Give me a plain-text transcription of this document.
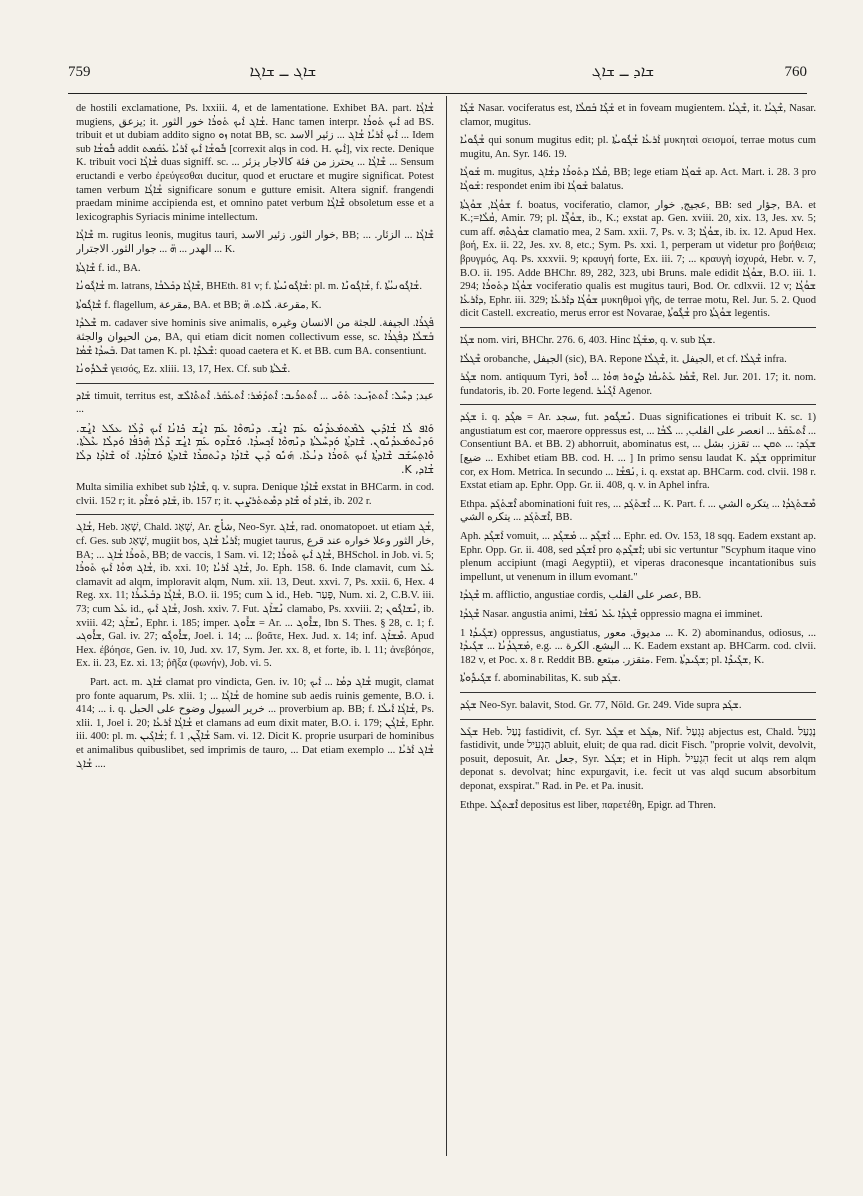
759	ܫܐܓ ــ ܫܐܓܐ	ܫܐܕ ــ ܫܐܓ	760

de hostili exclamatione, Ps. lxxiii. 4, et de lamentatione. Exhibet BA. part. ܫܳܐܓܳܐ mugiens, يزعق; it. ܫܳܐܓ ܐܰܝܟ ܬܰܘܪܳܐ خور الثور. Hanc tamen interpr. ܐܰܝܟ ܬܰܘܪܳܐ ad BS. tribuit et ut dubiam addito signo ܙܘ notat BB, sc. ܐܰܝܟ ܐܰܪܝܳܐ ܫܳܐܓ ... زئير الاسد ... Idem sub ܒܽܘܫܳܐ addit ܒܽܘܫܳܐ ܐܰܝܟ ܐܰܪܝܳܐ ܥܰܩܰܡܬ [correxit alqs in cod. H. ܐܰܝܟ], vix recte. Denique K. tribuit voci ܫܳܐܓܳܐ duas signiff. sc. ... ܫܶܐܓܳܐ ... يحترز من فئة كالاجار يزئر ... Sensum eructandi e verbo ἐρεύγεσθαι ducitur, quod et eructare et mugire significat. Potest tamen verbum ܫܳܐܓܳܐ significare sonum e gutture emisit. Altera signif. frangendi praedam minime accipienda est, et omnino patet verbum ܫܶܐܓܳܐ obsoletum esse et a lexicographis Syriacis minime intellectum.

ܫܶܐܓܳܐ m. rugitus leonis, mugitus tauri, خوار الثور. زئير الاسد, BB; ... ܫܶܐܓܳܐ ... الزئار. الهدر ... ܗ̈ ... جوار الثور. الاجترار ... K.

ܫܶܐܓܬܳܐ f. id., BA.

ܫܳܐܓܽܘܢܳܐ m. latrans, ܫܶܐܓܳܐ ܕܟܰܠܒܳܐ, BHEth. 81 v; f. ܫܳܐܓܽܘܢܺܝܬܳܐ: pl. m. ܫܳܐܓܽܘܢܶܐ, f. ܫܳܐܓܽܘܢܝܳܬܳܐ.

ܫܶܐܓܽܘܬܳܐ f. flagellum, مقرعة, BA. et BB; مقرعة. ܠܶܐܬ. ܗ̈, K.

ܫܶܠܕܳܐ m. cadaver sive hominis sive animalis, ܦܰܓܪܳܐ. الجيفة. للجثة من الانسان وغيره من الحيوان والجثة, BA, qui etiam dicit nomen collectivum esse, sc. ܒܰܫܠܳܐ ܕܦܰܓܪܳܐ ܒܰܚܕܳܐ ܫܶܡܳܐ. Dat tamen K. pl. ܫܶܠܕܶܐ: quoad caetera et K. et BB. cum BA. consentiunt.

ܫܶܠܕܽܘܢܳܐ γεισός, Ez. xliii. 13, 17, Hex. Cf. sub ܫܶܠܬܳܐ.

ܫܰܐܕ timuit, territus est, عبد; ܕܚܶܠ: ܐܶܬܬܙܺܝܥ: ܬܰܘܺܝ ... ܐܶܬܬܪܺܝܒ: ܐܶܬܕܰܡܰܪ: ܐܶܬܥܰܩܰܪ. ܐܶܬܬܶܐܠܶܫ ...

ܘܰܐܦ ܠܳܐ ܫܳܐܕܺܝܢ ܠܡܶܬܡܰܥܕܳܢܽܘ ܥܰܡ ܐ̱ܢܳܫ. ܕܢܶܗܘܶܐ ܥܰܡ ܐ̱ܢܳܫ ܟܺܐܢܳܐ ܐܰܝܟ ܕܶܠܳܐ ܥܠܰܠ ܐ̱ܢܳܫ. ܘܰܕܢܶܬܡܰܥܕܳܢܽܘܢ. ܫܶܐܕܬ݂ܳܐ ܘܰܕܚܶܠܬܳܐ ܕܢܶܗܘܶܐ ܐܰܟ݂ܚܕܳܐ. ܘܰܫܐܶܕܘ ܥܰܡ ܐ̱ܢܳܫ ܕܶܠܳܐ ܗܶܪܦܳܐ ܘܰܕܠܳܐ ܥܶܠܬܳܐ. ܘܶܐܬ̣ܚܰܫܰܒ ܫܶܐܕܬ݂ܳܐ ܐܰܝܟ ܬܰܘܪܳܐ ܕܢܳܥܶܐ. ܗܰܢܽܘ ܕܶܝܢ ܫܶܐܕܳܐ ܕܢܶܬܩܪܶܐ ܫܶܐܕܬ݂ܳܐ ܘܰܫܐܳܕܳܐ. ܐܰܘ ܫܶܐܕܳܐ ܕܠܳܐ ܫܳܐܕ, K.

Multa similia exhibet sub ܫܶܐܕܳܐ, q. v. supra. Denique ܫܶܐܕܳܐ exstat in BHCarm. in cod. clvii. 152 r; it. ܫܰܐܕ ܘܰܫܐܶܕ, ib. 157 r; it. ܫܰܐܕ ܐܰܘ ܫܶܐܕ ܕܡܶܬܬܰܪܨܺܝܢ, ib. 202 r.

ܫܳܐܓ, Heb. שָׁאַג, Chald. שְׁאַג, Ar. شأج, Neo-Syr. ܫܳܐܓ, rad. onomatopoet. ut etiam ܫܳܓ, cf. Ges. sub שָׁאַג, mugiit bos, ܐܰܪܝܳܐ ܫܳܐܓ; mugiet taurus, خار الثور وعلا خواره عند قرع, BA; ... ܬܰܘܪܳܐ ܫܳܐܓ, BB; de vaccis, 1 Sam. vi. 12; ܫܳܐܓ ܐܰܝܟ ܬܰܘܪܳܐ, BHSchol. in Job. vi. 5; ܫܳܐܓ ܗܘܳܐ ܐܰܝܟ ܬܰܘܪܳܐ, ib. xxi. 10; ܫܳܐܓ ܐܰܪܝܳܐ, Jo. Eph. 158. 6. Inde clamavit, cum ܥܰܠ clamavit ad alqm, imploravit alqm, Num. xii. 13, Deut. xxvi. 7, Ps. xxii. 6, Hex. 4 Reg. xx. 11; ܫܳܐܓܳܐ ܕܒܰܥܺܝܪܳܐ, B.O. ii. 195; cum ܠ id., Heb. פָּעַר, Num. xi. 2, C.B.V. iii. 73; cum ܥܰܠ id., ܫܳܐܓ ܐܰܝܟ, Josh. xxiv. 7. Fut. ܢܶܫܐܰܓ clamabo, Ps. xxviii. 2; ܢܶܫܐܓܽܘܢ, ib. xviii. 42; ܢܶܫܐܰܓ, Ephr. i. 185; imper. ܫܐܽܘܓ = Ar. ... ܫܐܽܘܓ, Ibn S. Thes. § 28, c. 1; f. ܫܐܽܘܓܝ, Gal. iv. 27; ܫܐܽܘܓܽܘ, Joel. i. 14; ... βοᾶτε, Hex. Jud. x. 14; inf. ܡܶܫܐܰܓ. Apud Hex. ἐβόησε, Gen. iv. 10, Jud. xv. 17, Sym. Jer. xx. 8, et forte, ib. l. 11; ἀνεβόησε, Ex. ii. 23, Ez. xi. 13; ῥῆξα (φωνήν), Job. vi. 5.

Part. act. m. ܫܳܐܓ clamat pro vindicta, Gen. iv. 10; ܫܳܐܓ ܕܡܳܐ ... ܐܰܝܟ mugit, clamat pro fonte aquarum, Ps. xlii. 1; ... ܫܳܐܓܳܐ de homine sub aedis ruinis gemente, B.O. i. 414; ... i. q. خرير السيول وضوح على الحبل ... proverbium ap. BB; f. ܫܳܐܓܳܐ ܐܰܝܠܳܐ, Ps. xlii. 1, Joel i. 20; ܫܳܐܓܳܐ ܐܰܪܥܳܐ et clamans ad eum dixit mater, B.O. i. 179; ܫܳܐܓܳܢ, Ephr. iii. 400: pl. m. ܫܳܐܓܺܝܢ; f. ܫܳܐܓ̈ܳܢ, 1 Sam. vi. 12. Dicit K. proprie usurpari de hominibus et animalibus quibuslibet, sed imprimis de tauro, ... Dat etiam exemplo ... ܫܳܐܓ ܐܰܪܝܳܐ ... ܫܳܐܓ.

ܫܰܓܶܐ Nasar. vociferatus est, ܫܰܓܶܐ ܒܰܩܠܳܐ et in foveam mugientem. ܫܶܓܝܳܐ, it. ܫܶܓܝܳܐ, Nasar. clamor, mugitus.

ܫܳܓܽܘܝܳܐ qui sonum mugitus edit; pl. ܐܰܪܥܳܐ ܫܳܓܽܘܝܬܳܐ μυκηταὶ σεισμοί, terrae motus cum mugitu, An. Syr. 146. 19.

ܫܰܘܓܳܐ m. mugitus, ܩܳܠܳܐ ܕܬܰܘܪܳܐ ܕܫܳܐܓ, BB; lege etiam ܫܰܘܓܳܐ ap. Act. Mart. i. 28. 3 pro ܫܰܘܓܳܐ: respondet enim ibi ܫܰܘܓܳܐ balatus.

ܫܘܳܓܳܐ, ܫܘܳܓܬܳܐ f. boatus, vociferatio, clamor, عجيج, خوار, BB: sed جؤار, BA. et K.;=ܩܳܠܳܐ, Amir. 79; pl. ܫܘܳܓ̈ܶܐ, ib., K.; exstat ap. Gen. xviii. 20, xix. 13, Jes. xv. 5; cum aff. ܫܘܳܓܬܶܗ clamatio mea, 2 Sam. xxii. 7, Ps. v. 3; ܫܘܳܓܳܐ, ib. ix. 12. Apud Hex. βοή, Ex. ii. 22, Jes. xv. 8, etc.; Sym. Ps. xxi. 1, perperam ut videtur pro βοήθεια; βρυγμός, Aq. Ps. xxxvii. 9; κραυγή forte, Ex. iii. 7; ... κραυγὴ ἰσχυρά, Hebr. v. 7, B.O. ii. 195. Adde BHChr. 89, 282, 323, ubi Bruns. male edidit ܫܘܳܓܳܐ, B.O. iii. 1. 294; ܫܘܳܓܳܐ ܕܬܰܘܪܳܐ vociferatio qualis est mugitus tauri, Bod. Or. cdlxvii. 12 v; ܫܘܳܓܳܐ ܕܐܰܪܥܳܐ, Ephr. iii. 329; ܫܘܳܓܳܐ ܕܐܰܪܥܳܐ μυκηθμοὶ γῆς, de terrae motu, Rel. Jur. 5. 2. Quod dicit Castell. excreatio, merus error est Novarae, ܫܳܓܽܘܬܳܐ pro ܫܘܳܓܬܳܐ legentis.

ܫܓܳܐ nom. viri, BHChr. 276. 6, 403. Hinc ܡܫܰܓܳܐ, q. v. sub ܫܓܳܐ.

ܫܶܓܠܳܐ orobanche, الجيفل (sic), BA. Repone ܫܶܓܠܳܐ, it. الجيفل, et cf. ܫܶܓܠܳܐ infra.

ܫܓܳܪ nom. antiquum Tyri, ܫܶܡܳܐ ܥܰܬܺܝܩܳܐ ܕܨܽܘܪ ܗܘܳܐ ... ܐܽܘܪ, Rel. Jur. 201. 17; it. nom. fundatoris, ib. 20. Forte legend. ܐܰܓܺܢܳܪ Agenor.

ܫܓܰܕ i. q. ܣܓܶܕ = Ar. سجد, fut. ܢܶܫܓܽܘܕ. Duas significationes ei tribuit K. sc. 1) angustiatum est cor, maerore oppressus est, ... ܐܶܬܥܰܩܰܪ ... انعصر على القلب, ... ܠܶܒܳܐ ... Consentiunt BA. et BB. 2) abhorruit, abominatus est, ... ܫܓܰܕ: ... ܬܩܢ ... تقزز. بشل [ضيع ... Exhibet etiam BB. cod. H. ... ] In primo sensu laudat K. ܫܓܰܕ opprimitur cor, ex Hom. Metrica. In secundo ... ܢܰܦܫܳܐ, i. q. exstat ap. BHCarm. cod. clvii. 198 r. Exstat etiam ap. Ephr. Opp. Gr. ii. 408, q. v. in Aphel infra.

Ethpa. ܐܶܫܬܰܓܰܕ abominationi fuit res, ... ܐܶܫܬܰܓܰܕ ... K. Part. f. ܡܶܫܬܰܓܕܳܐ ... يتكره الشي ... ܐܶܫܬܰܓܰܕ ... يتكره الشي, BB.

Aph. ܐܰܫܓܶܕ vomuit, ... ܐܰܫܓܶܕ ... ܡܰܫܓܶܕ ... Ephr. ed. Ov. 153, 18 sqq. Eadem exstant ap. Ephr. Opp. Gr. ii. 408, sed ܐܰܫܓܶܕ pro ܐܰܫܓܶܕܬ݂; ubi sic vertuntur "Scyphum itaque vino plenum accipiunt (magi Aegyptii), et viperas draconesque incantationibus suis impellunt, ut venenum in illum evomant."

ܫܶܓܕܳܐ m. afflictio, angustiae cordis, عصر على القلب, BB.

ܫܶܓܕܳܐ Nasar. angustia animi, ܫܶܓܕܳܐ ܥܰܠ ܢܰܦܫܳܐ oppressio magna ei imminet.

ܫܓܺܝܕܳܐ 1) oppressus, angustiatus, مديوق. معور ... K. 2) abominandus, odiosus, ... ܡܰܫܓܕܳܢܳܐ ... ܫܓܺܝܕܳܐ, e.g. ... البشع. الكرة ... K. Eadem exstant ap. BHCarm. cod. clvii. 182 v, et Poc. x. 8 r. Reddit BB. متقزر. مبتعع. Fem. ܫܓܺܝܕܬܳܐ; pl. ܫܓܺܝܕܶܐ, K.

ܫܓܺܝܕܽܘܬܳܐ f. abominabilitas, K. sub ܫܓܰܕ.

ܫܓܰܕ Neo-Syr. balavit, Stod. Gr. 77, Nöld. Gr. 249. Vide supra ܫܓܰܕ.

ܫܓܰܠ Heb. נָעַל fastidivit, cf. Syr. ܫܓܰܠ et ܣܓܰܠ, Nif. נִגְעַל abjectus est, Chald. נְגַעַל fastidivit, unde הַגְעִיל abluit, eluit; de qua rad. dicit Fisch. "proprie volvit, devolvit, posuit, deposuit, Ar. جعل, Syr. ܫܓܰܠ; et in Hiph. הִגְעִיל fecit ut alqs rem alqm deponat s. devolvat; hinc expurgavit, i.e. fecit ut vas alqd sucum absorbitum deponat, exspirat." Rad. in Pe. et Pa. inusit.

Ethpe. ܐܶܫܬܓܶܠ depositus est liber, παρετέθη, Epigr. ad Thren.
